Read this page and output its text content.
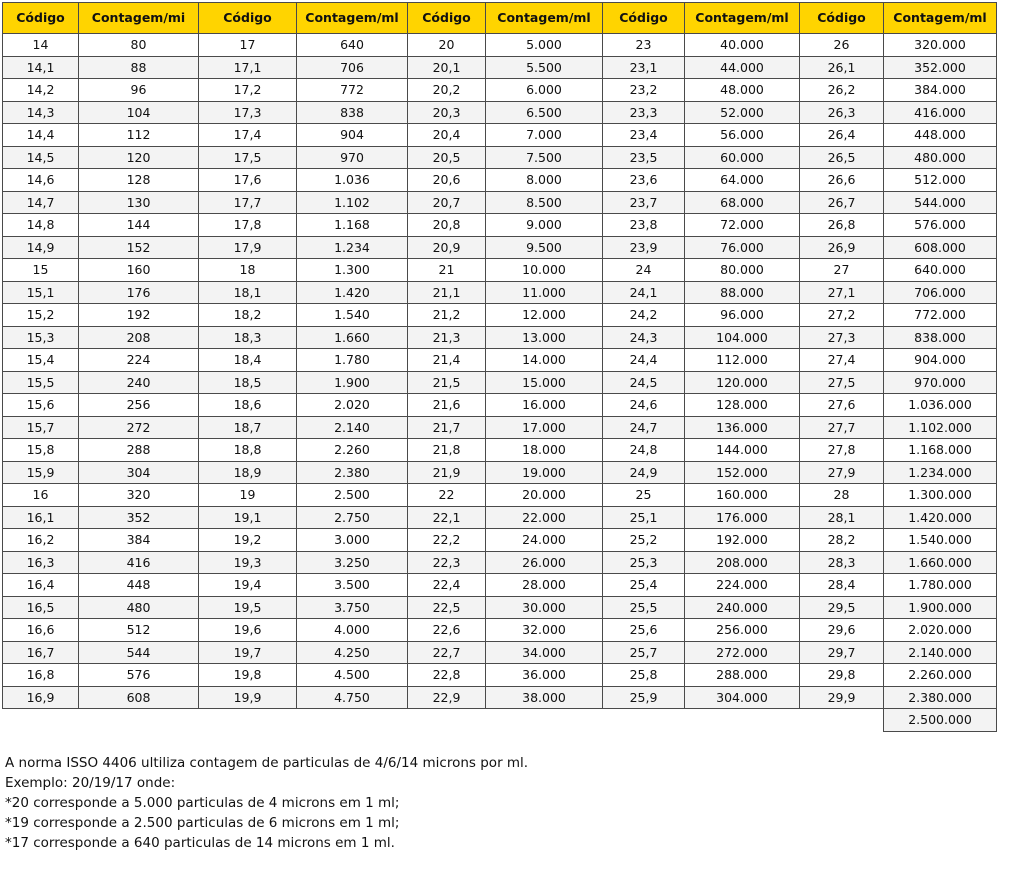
Código	Contagem/mi	Código	Contagem/ml	Código	Contagem/ml	Código	Contagem/ml	Código	Contagem/ml
14	80	17	640	20	5.000	23	40.000	26	320.000
14,1	88	17,1	706	20,1	5.500	23,1	44.000	26,1	352.000
14,2	96	17,2	772	20,2	6.000	23,2	48.000	26,2	384.000
14,3	104	17,3	838	20,3	6.500	23,3	52.000	26,3	416.000
14,4	112	17,4	904	20,4	7.000	23,4	56.000	26,4	448.000
14,5	120	17,5	970	20,5	7.500	23,5	60.000	26,5	480.000
14,6	128	17,6	1.036	20,6	8.000	23,6	64.000	26,6	512.000
14,7	130	17,7	1.102	20,7	8.500	23,7	68.000	26,7	544.000
14,8	144	17,8	1.168	20,8	9.000	23,8	72.000	26,8	576.000
14,9	152	17,9	1.234	20,9	9.500	23,9	76.000	26,9	608.000
15	160	18	1.300	21	10.000	24	80.000	27	640.000
15,1	176	18,1	1.420	21,1	11.000	24,1	88.000	27,1	706.000
15,2	192	18,2	1.540	21,2	12.000	24,2	96.000	27,2	772.000
15,3	208	18,3	1.660	21,3	13.000	24,3	104.000	27,3	838.000
15,4	224	18,4	1.780	21,4	14.000	24,4	112.000	27,4	904.000
15,5	240	18,5	1.900	21,5	15.000	24,5	120.000	27,5	970.000
15,6	256	18,6	2.020	21,6	16.000	24,6	128.000	27,6	1.036.000
15,7	272	18,7	2.140	21,7	17.000	24,7	136.000	27,7	1.102.000
15,8	288	18,8	2.260	21,8	18.000	24,8	144.000	27,8	1.168.000
15,9	304	18,9	2.380	21,9	19.000	24,9	152.000	27,9	1.234.000
16	320	19	2.500	22	20.000	25	160.000	28	1.300.000
16,1	352	19,1	2.750	22,1	22.000	25,1	176.000	28,1	1.420.000
16,2	384	19,2	3.000	22,2	24.000	25,2	192.000	28,2	1.540.000
16,3	416	19,3	3.250	22,3	26.000	25,3	208.000	28,3	1.660.000
16,4	448	19,4	3.500	22,4	28.000	25,4	224.000	28,4	1.780.000
16,5	480	19,5	3.750	22,5	30.000	25,5	240.000	29,5	1.900.000
16,6	512	19,6	4.000	22,6	32.000	25,6	256.000	29,6	2.020.000
16,7	544	19,7	4.250	22,7	34.000	25,7	272.000	29,7	2.140.000
16,8	576	19,8	4.500	22,8	36.000	25,8	288.000	29,8	2.260.000
16,9	608	19,9	4.750	22,9	38.000	25,9	304.000	29,9	2.380.000
									2.500.000
A norma ISSO 4406 ultiliza contagem de particulas de 4/6/14 microns por ml.
Exemplo: 20/19/17 onde:
*20 corresponde a 5.000 particulas de 4 microns em 1 ml;
*19 corresponde a 2.500 particulas de 6 microns em 1 ml;
*17 corresponde a 640 particulas de 14 microns em 1 ml.
